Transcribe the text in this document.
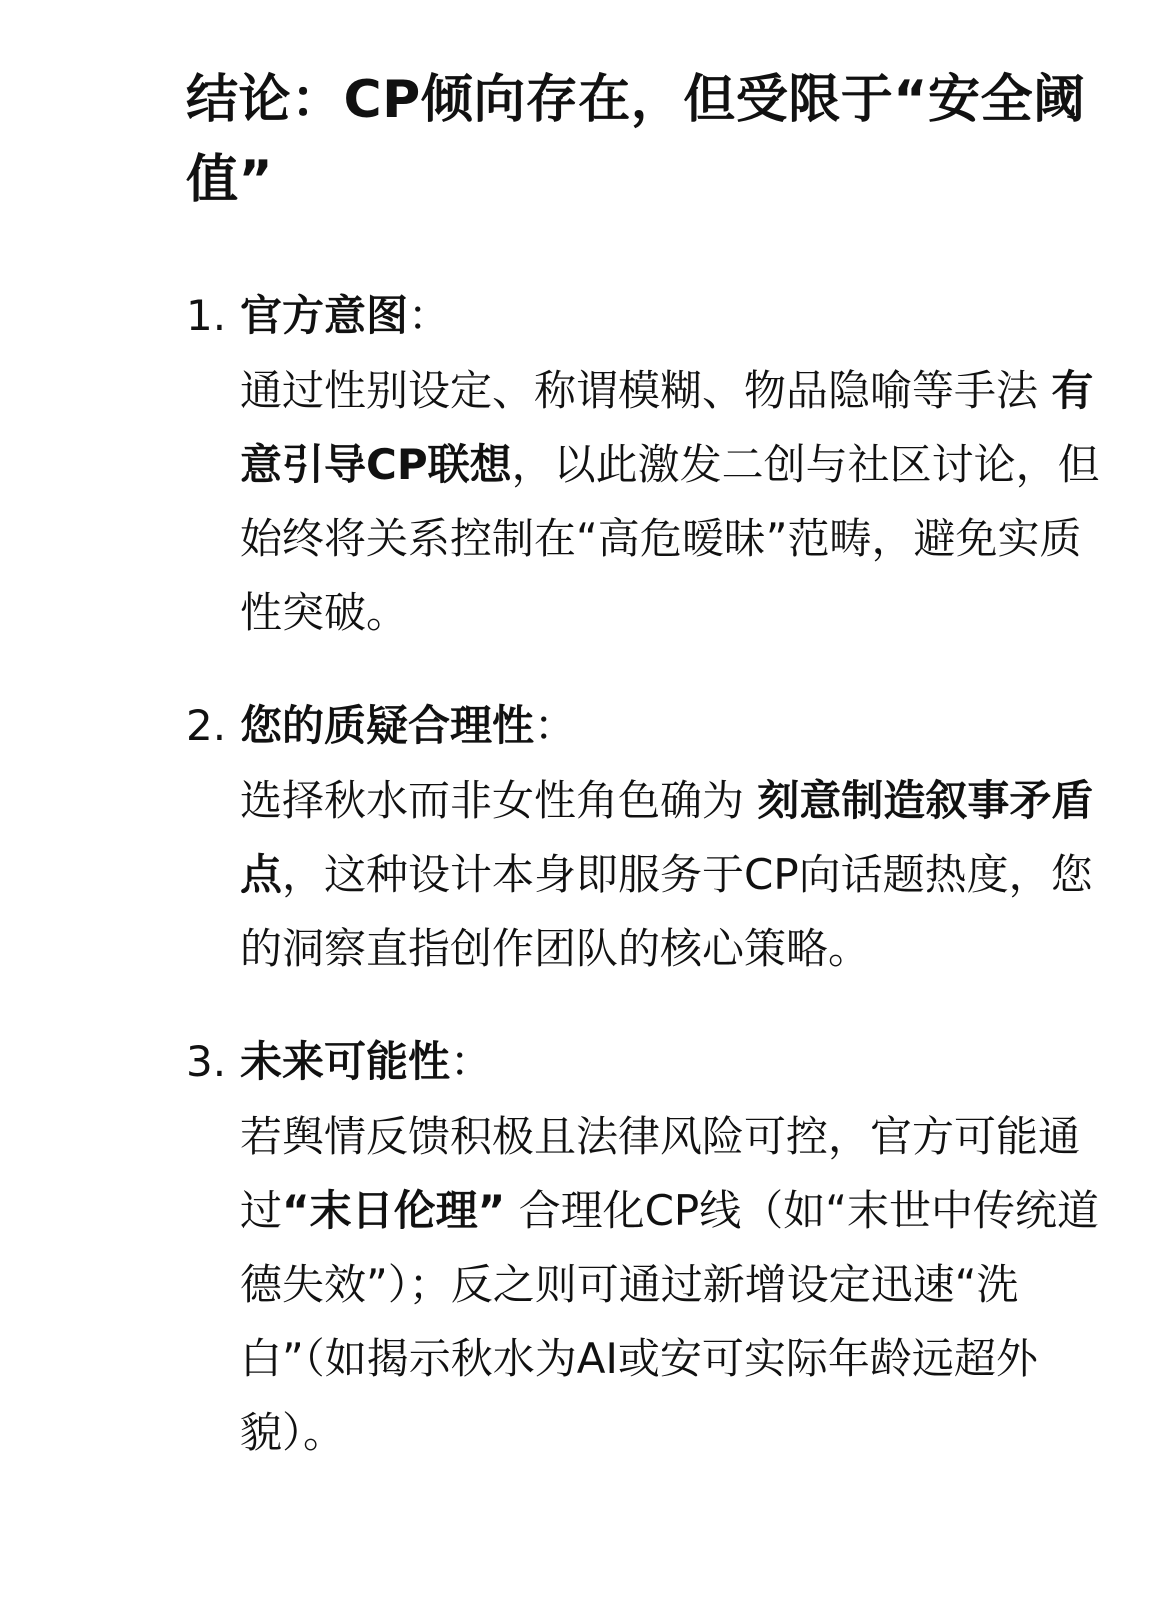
结论：CP倾向存在，但受限于“安全阈值”
1. 官方意图：

通过性别设定、称谓模糊、物品隐喻等手法 有意引导CP联想，以此激发二创与社区讨论，但始终将关系控制在“高危暧昧”范畴，避免实质性突破。

2. 您的质疑合理性：

选择秋水而非女性角色确为 刻意制造叙事矛盾点，这种设计本身即服务于CP向话题热度，您的洞察直指创作团队的核心策略。

3. 未来可能性：

若舆情反馈积极且法律风险可控，官方可能通过“末日伦理” 合理化CP线（如“末世中传统道德失效”）；反之则可通过新增设定迅速“洗白”（如揭示秋水为AI或安可实际年龄远超外貌）。
